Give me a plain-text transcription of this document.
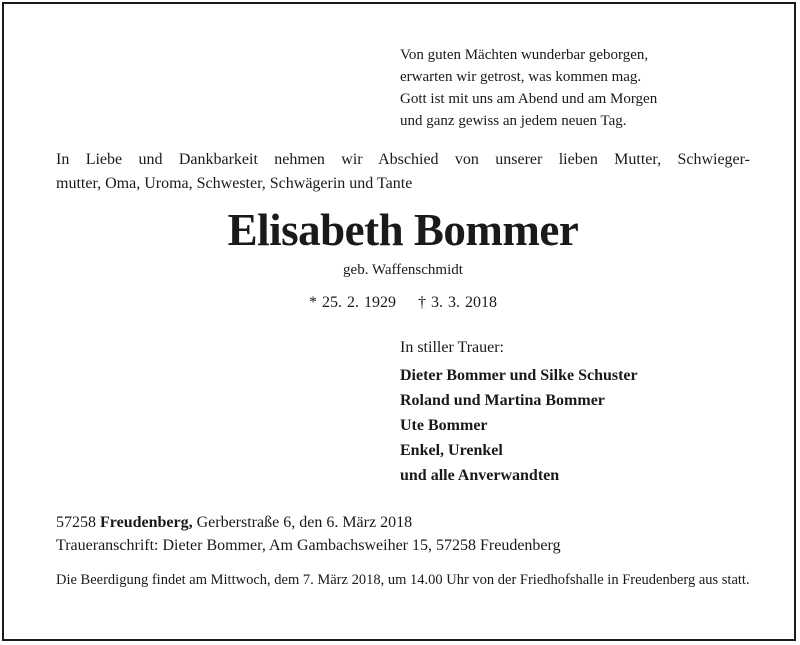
Von guten Mächten wunderbar geborgen,
erwarten wir getrost, was kommen mag.
Gott ist mit uns am Abend und am Morgen
und ganz gewiss an jedem neuen Tag.
In Liebe und Dankbarkeit nehmen wir Abschied von unserer lieben Mutter, Schwieger-
mutter, Oma, Uroma, Schwester, Schwägerin und Tante
Elisabeth Bommer
geb. Waffenschmidt
* 25. 2. 1929 † 3. 3. 2018
In stiller Trauer:
Dieter Bommer und Silke Schuster
Roland und Martina Bommer
Ute Bommer
Enkel, Urenkel
und alle Anverwandten
57258 Freudenberg, Gerberstraße 6, den 6. März 2018
Traueranschrift: Dieter Bommer, Am Gambachsweiher 15, 57258 Freudenberg
Die Beerdigung findet am Mittwoch, dem 7. März 2018, um 14.00 Uhr von der Friedhofshalle in Freudenberg aus statt.
